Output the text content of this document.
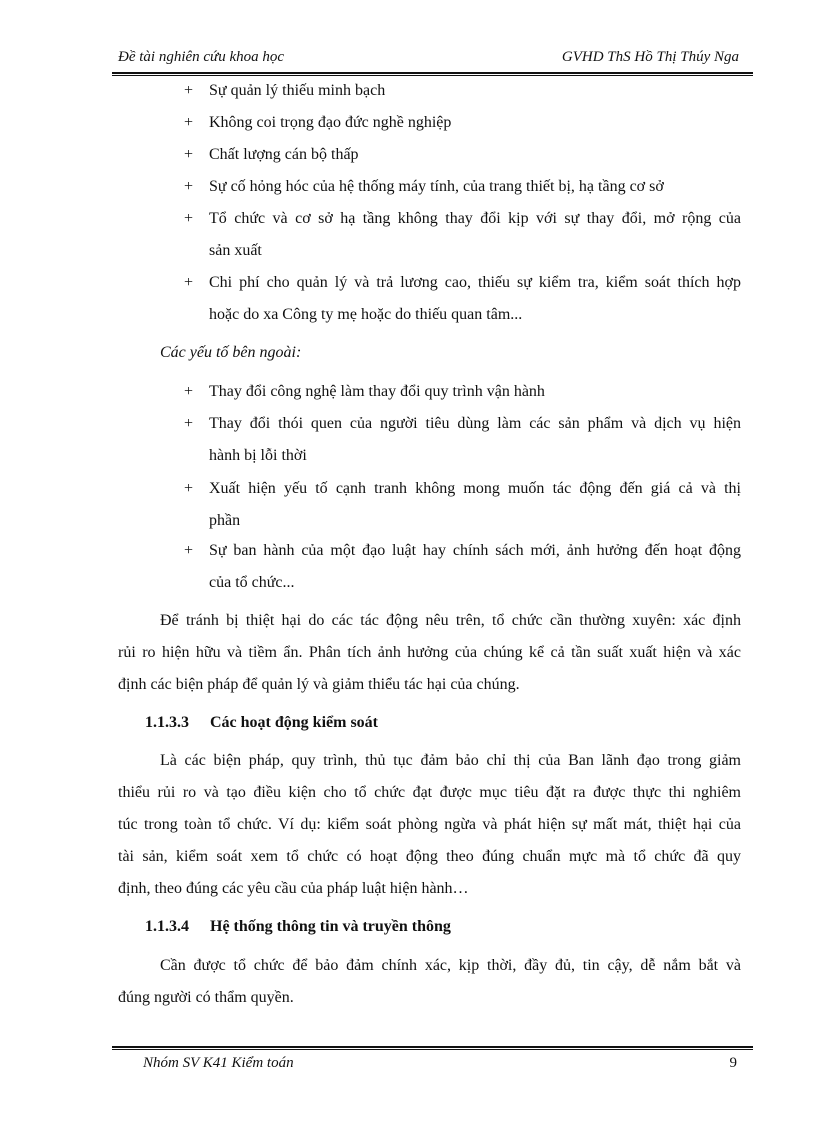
Đề tài nghiên cứu khoa học	GVHD ThS Hồ Thị Thúy Nga
+ Sự quản lý thiếu minh bạch
+ Không coi trọng đạo đức nghề nghiệp
+ Chất lượng cán bộ thấp
+ Sự cố hỏng hóc của hệ thống máy tính, của trang thiết bị, hạ tầng cơ sở
+ Tổ chức và cơ sở hạ tầng không thay đổi kịp với sự thay đổi, mở rộng của
sản xuất
+ Chi phí cho quản lý và trả lương cao, thiếu sự kiểm tra, kiểm soát thích hợp
hoặc do xa Công ty mẹ hoặc do thiếu quan tâm...
Các yếu tố bên ngoài:
+ Thay đổi công nghệ làm thay đổi quy trình vận hành
+ Thay đổi thói quen của người tiêu dùng làm các sản phẩm và dịch vụ hiện
hành bị lỗi thời
+ Xuất hiện yếu tố cạnh tranh không mong muốn tác động đến giá cả và thị
phần
+ Sự ban hành của một đạo luật hay chính sách mới, ảnh hưởng đến hoạt động
của tổ chức...
Để tránh bị thiệt hại do các tác động nêu trên, tổ chức cần thường xuyên: xác định
rủi ro hiện hữu và tiềm ẩn. Phân tích ảnh hưởng của chúng kể cả tần suất xuất hiện và xác
định các biện pháp để quản lý và giảm thiểu tác hại của chúng.
1.1.3.3 Các hoạt động kiểm soát
Là các biện pháp, quy trình, thủ tục đảm bảo chỉ thị của Ban lãnh đạo trong giảm
thiểu rủi ro và tạo điều kiện cho tổ chức đạt được mục tiêu đặt ra được thực thi nghiêm
túc trong toàn tổ chức. Ví dụ: kiểm soát phòng ngừa và phát hiện sự mất mát, thiệt hại của
tài sản, kiểm soát xem tổ chức có hoạt động theo đúng chuẩn mực mà tổ chức đã quy
định, theo đúng các yêu cầu của pháp luật hiện hành…
1.1.3.4 Hệ thống thông tin và truyền thông
Cần được tổ chức để bảo đảm chính xác, kịp thời, đầy đủ, tin cậy, dễ nắm bắt và
đúng người có thẩm quyền.
Nhóm SV K41 Kiểm toán	9
